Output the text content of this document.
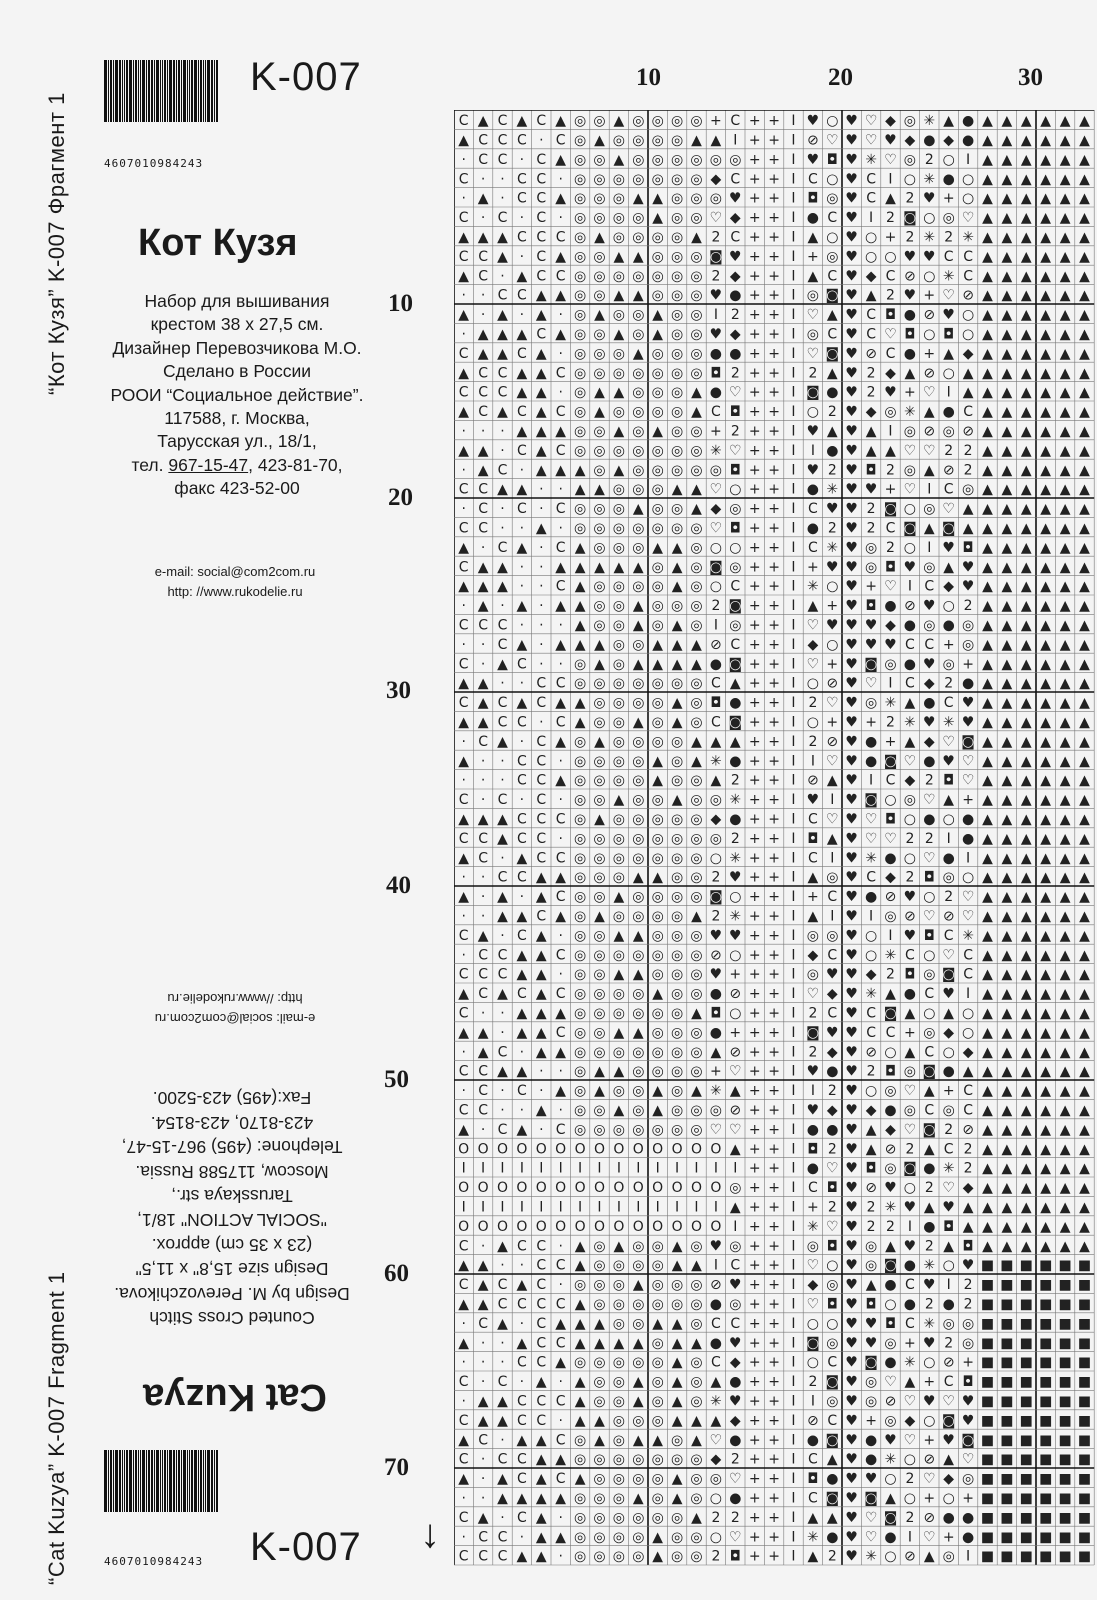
“Кот Кузя” K-007 Фрагмент 1
“Cat Kuzya” K-007 Fragment 1
4607010984243
K-007
Кот Кузя
Набор для вышивания
крестом 38 х 27,5 см.
Дизайнер Перевозчикова М.О.
Сделано в России
РООИ “Социальное действие”.
117588, г. Москва,
Тарусская ул., 18/1,
тел. 967-15-47, 423-81-70,
факс 423-52-00
e-mail: social@com2com.ru
http: //www.rukodelie.ru
e-mail: social@com2com.ru
http: //www.rukodelie.ru
Counted Cross Stitch
Design by M. Perevozchikova.
Design size 15,8" x 11,5"
(23 x 35 cm) approx.
"SOCIAL ACTION" 18/1,
Tarusskaya str.,
Moscow, 117588 Russia.
Telephone: (495) 967-15-47,
423-8170, 423-8154.
Fax:(495) 423-5200.
Cat Kuzya
K-007
4607010984243
10	20	30
10
20
30
40
50
60
70
↓
C ▲ C ▲ C ▲ ◎ ◎ ▲ ◎ ◎ ◎ ◎ + C + + I ♥ ○ ♥ ♡ ◆ ◎ ✳ ▲ ● ▲ ▲ ▲ ▲ ▲ ▲
▲ C C C · C ◎ ▲ ◎ ◎ ◎ ◎ ▲ ▲ I + + I ⊘ ♡ ♥ ♡ ♥ ◆ ● ◆ ● ▲ ▲ ▲ ▲ ▲ ▲
· C C · C ▲ ◎ ◎ ▲ ◎ ◎ ◎ ◎ ◎ ◎ + + I ♥ ◘ ♥ ✳ ♡ ◎ 2 ○ I ▲ ▲ ▲ ▲ ▲ ▲
C · · C C · ◎ ◎ ◎ ◎ ◎ ◎ ◎ ◆ C + + I C ○ ♥ C I ○ ✳ ● ○ ▲ ▲ ▲ ▲ ▲ ▲
· ▲ · C C ▲ ◎ ◎ ◎ ▲ ▲ ◎ ◎ ◎ ♥ + + I ◘ ◎ ♥ C ▲ 2 ♥ + ○ ▲ ▲ ▲ ▲ ▲ ▲
C · C · C · ◎ ◎ ◎ ◎ ▲ ◎ ◎ ♡ ◆ + + I ● C ♥ I 2 ◙ ○ ◎ ♡ ▲ ▲ ▲ ▲ ▲ ▲
▲ ▲ ▲ C C C ◎ ▲ ◎ ◎ ◎ ◎ ▲ 2 C + + I ▲ ○ ♥ ○ + 2 ✳ 2 ✳ ▲ ▲ ▲ ▲ ▲ ▲
C C ▲ · C ▲ ◎ ◎ ▲ ▲ ◎ ◎ ◎ ◙ ♥ + + I + ◎ ♥ ○ ○ ♥ ♥ C C ▲ ▲ ▲ ▲ ▲ ▲
▲ C · ▲ C C ◎ ◎ ◎ ◎ ◎ ◎ ◎ 2 ◆ + + I ▲ C ♥ ◆ C ⊘ ○ ✳ C ▲ ▲ ▲ ▲ ▲ ▲
· · C C ▲ ▲ ◎ ◎ ▲ ▲ ◎ ◎ ◎ ♥ ● + + I ◎ ◙ ♥ ▲ 2 ♥ + ♡ ⊘ ▲ ▲ ▲ ▲ ▲ ▲
▲ · ▲ · ▲ · ◎ ▲ ◎ ◎ ▲ ◎ ◎ I 2 + + I ♡ ▲ ♥ C ◘ ● ⊘ ♥ ○ ▲ ▲ ▲ ▲ ▲ ▲
· ▲ ▲ ▲ C ▲ ◎ ◎ ▲ ◎ ▲ ◎ ◎ ♥ ◆ + + I ◎ C ♥ C ♡ ◘ ○ ◘ ○ ▲ ▲ ▲ ▲ ▲ ▲
C ▲ ▲ C ▲ · ◎ ◎ ◎ ▲ ◎ ◎ ◎ ● ● + + I ♡ ◙ ♥ ⊘ C ● + ▲ ◆ ▲ ▲ ▲ ▲ ▲ ▲
▲ C C ▲ ▲ C ◎ ◎ ◎ ◎ ◎ ◎ ◎ ◘ 2 + + I 2 ▲ ♥ 2 ◆ ▲ ⊘ ○ ▲ ▲ ▲ ▲ ▲ ▲ ▲
C C C ▲ ▲ · ◎ ▲ ▲ ◎ ◎ ◎ ▲ ● ♡ + + I ◙ ● ♥ 2 ♥ + ♡ I ▲ ▲ ▲ ▲ ▲ ▲ ▲
▲ C ▲ C ▲ C ◎ ▲ ◎ ◎ ◎ ◎ ▲ C ◘ + + I ○ 2 ♥ ◆ ◎ ✳ ▲ ● C ▲ ▲ ▲ ▲ ▲ ▲
· · · ▲ ▲ ▲ ◎ ◎ ▲ ◎ ▲ ◎ ◎ + 2 + + I ♥ ▲ ♥ ▲ I ◎ ⊘ ◎ ⊘ ▲ ▲ ▲ ▲ ▲ ▲
▲ ▲ · C ▲ C ◎ ◎ ◎ ◎ ◎ ◎ ◎ ✳ ♡ + + I I ● ♥ ▲ ▲ ♡ ♡ 2 2 ▲ ▲ ▲ ▲ ▲ ▲
· ▲ C · ▲ ▲ ▲ ◎ ▲ ◎ ◎ ◎ ◎ ◎ ◘ + + I ♥ 2 ♥ ◘ 2 ◎ ▲ ⊘ 2 ▲ ▲ ▲ ▲ ▲ ▲
C C ▲ ▲ · · ▲ ▲ ◎ ◎ ◎ ▲ ▲ ♡ ○ + + I ● ✳ ♥ ♥ + ♡ I C ◎ ▲ ▲ ▲ ▲ ▲ ▲
· C · C · C ◎ ◎ ◎ ▲ ◎ ◎ ▲ ◆ ◎ + + I C ♥ ♥ 2 ◙ ○ ◎ ♡ ▲ ▲ ▲ ▲ ▲ ▲ ▲
C C · · ▲ · ◎ ◎ ◎ ◎ ◎ ◎ ◎ ♡ ◘ + + I ● 2 ♥ 2 C ◙ ▲ ◙ ▲ ▲ ▲ ▲ ▲ ▲ ▲
▲ · C ▲ · C ▲ ◎ ◎ ◎ ▲ ▲ ◎ ○ ○ + + I C ✳ ♥ ◎ 2 ○ I ♥ ◘ ▲ ▲ ▲ ▲ ▲ ▲
C ▲ ▲ · · ▲ ▲ ▲ ▲ ▲ ◎ ▲ ◎ ◙ ◎ + + I + ♥ ♥ ◎ ◘ ♥ ◎ ▲ ♥ ▲ ▲ ▲ ▲ ▲ ▲
▲ ▲ ▲ · · C ▲ ◎ ◎ ◎ ◎ ▲ ◎ ○ C + + I ✳ ○ ♥ + ♡ I C ◆ ♥ ▲ ▲ ▲ ▲ ▲ ▲
· ▲ · ▲ · ▲ ▲ ◎ ◎ ▲ ◎ ◎ ◎ 2 ◙ + + I ▲ + ♥ ◘ ● ⊘ ♥ ○ 2 ▲ ▲ ▲ ▲ ▲ ▲
C C C · · · ▲ ◎ ◎ ▲ ◎ ▲ ◎ I ◎ + + I ♡ ♥ ♥ ♥ ◆ ● ◎ ● ◎ ▲ ▲ ▲ ▲ ▲ ▲
· · C ▲ · ▲ ▲ ▲ ◎ ◎ ▲ ▲ ▲ ⊘ C + + I ◆ ○ ♥ ♥ ♥ C C + ◎ ▲ ▲ ▲ ▲ ▲ ▲
C · ▲ C · · ◎ ▲ ◎ ▲ ▲ ▲ ▲ ● ◙ + + I ♡ + ♥ ◙ ◎ ● ♥ ◎ + ▲ ▲ ▲ ▲ ▲ ▲
▲ ▲ · · C C ◎ ◎ ◎ ◎ ◎ ◎ ◎ C ▲ + + I ○ ⊘ ♥ ♡ I C ◆ 2 ● ▲ ▲ ▲ ▲ ▲ ▲
C ▲ C ▲ C ▲ ▲ ◎ ◎ ◎ ◎ ▲ ◎ ◘ ● + + I 2 ♡ ♥ ◎ ✳ ▲ ● C ♥ ▲ ▲ ▲ ▲ ▲ ▲
▲ ▲ C C · C ▲ ◎ ◎ ▲ ◎ ▲ ◎ C ◙ + + I ○ + ♥ + 2 ✳ ♥ ✳ ♥ ▲ ▲ ▲ ▲ ▲ ▲
· C ▲ · C ▲ ◎ ▲ ◎ ◎ ◎ ◎ ▲ ▲ ▲ + + I 2 ⊘ ♥ ● + ▲ ◆ ♡ ◙ ▲ ▲ ▲ ▲ ▲ ▲
▲ · · C C · ◎ ◎ ◎ ◎ ▲ ◎ ▲ ✳ ● + + I I ♡ ♥ ● ◙ ♡ ● ♥ ♡ ▲ ▲ ▲ ▲ ▲ ▲
· · · C C ▲ ◎ ◎ ◎ ◎ ▲ ◎ ◎ ▲ 2 + + I ⊘ ▲ ♥ I C ◆ 2 ◘ ♡ ▲ ▲ ▲ ▲ ▲ ▲
C · C · C · ◎ ◎ ▲ ◎ ◎ ▲ ◎ ◎ ✳ + + I ♥ I ♥ ◙ ○ ◎ ♡ ▲ + ▲ ▲ ▲ ▲ ▲ ▲
▲ ▲ ▲ C C C ◎ ▲ ◎ ◎ ◎ ◎ ◎ ◆ ● + + I C ♡ ♥ ♡ ◘ ○ ● ○ ● ▲ ▲ ▲ ▲ ▲ ▲
C C ▲ C C · ◎ ◎ ◎ ◎ ◎ ◎ ◎ ◎ 2 + + I ◘ ▲ ♥ ♡ ♡ 2 2 I ● ▲ ▲ ▲ ▲ ▲ ▲
▲ C · ▲ C C ◎ ◎ ◎ ◎ ◎ ◎ ◎ ○ ✳ + + I C I ♥ ✳ ● ○ ♡ ● I ▲ ▲ ▲ ▲ ▲ ▲
· · C C ▲ ▲ ◎ ◎ ◎ ▲ ▲ ◎ ◎ 2 ♥ + + I ▲ ◎ ♥ C ◆ 2 ◘ ◎ ○ ▲ ▲ ▲ ▲ ▲ ▲
▲ · ▲ · ▲ C ◎ ◎ ▲ ◎ ◎ ◎ ◎ ◙ ○ + + I + C ♥ ● ⊘ ♥ ○ 2 ♡ ▲ ▲ ▲ ▲ ▲ ▲
· · ▲ ▲ C ▲ ◎ ▲ ◎ ◎ ◎ ◎ ▲ 2 ✳ + + I ▲ I ♥ I ◎ ⊘ ♡ ⊘ ♡ ▲ ▲ ▲ ▲ ▲ ▲
C ▲ · C ▲ · ◎ ◎ ▲ ▲ ◎ ◎ ◎ ♥ ♥ + + I ◎ ◎ ♥ ○ I ♥ ◘ C ✳ ▲ ▲ ▲ ▲ ▲ ▲
· C C ▲ ▲ C ◎ ◎ ◎ ◎ ◎ ◎ ◎ ⊘ ○ + + I ◆ C ♥ ○ ✳ C ○ ♡ C ▲ ▲ ▲ ▲ ▲ ▲
C C C ▲ ▲ · ◎ ◎ ▲ ▲ ◎ ◎ ◎ ♥ + + + I ◎ ♥ ♥ ◆ 2 ◘ ◎ ◙ C ▲ ▲ ▲ ▲ ▲ ▲
▲ C ▲ C ▲ C ◎ ◎ ◎ ◎ ▲ ◎ ◎ ● ⊘ + + I ♡ ◆ ♥ ✳ ▲ ● C ♥ I ▲ ▲ ▲ ▲ ▲ ▲
C · · ▲ ▲ ▲ ◎ ◎ ◎ ◎ ◎ ◎ ▲ ◘ ○ + + I 2 C ♥ C ◙ ▲ ○ ▲ ○ ▲ ▲ ▲ ▲ ▲ ▲
▲ ▲ · ▲ ▲ C ◎ ◎ ▲ ▲ ◎ ◎ ◎ ● + + + I ◙ ♥ ♥ C C + ◎ ◆ ○ ▲ ▲ ▲ ▲ ▲ ▲
· ▲ C · ▲ ▲ ◎ ◎ ◎ ◎ ◎ ◎ ◎ ▲ ⊘ + + I 2 ◆ ♥ ⊘ ○ ▲ C ○ ◆ ▲ ▲ ▲ ▲ ▲ ▲
C C ▲ ▲ · · ◎ ▲ ▲ ◎ ◎ ◎ ◎ + ♡ + + I ♥ ● ♥ 2 ◘ ◎ ◙ ● ▲ ▲ ▲ ▲ ▲ ▲ ▲
· C · C · ▲ ◎ ▲ ◎ ◎ ▲ ◎ ▲ ✳ ▲ + + I I 2 ♥ ○ ◎ ♡ ▲ + C ▲ ▲ ▲ ▲ ▲ ▲
C C · · ▲ · ◎ ◎ ▲ ◎ ▲ ◎ ◎ ◎ ⊘ + + I ♥ ◆ ♥ ◆ ● ◎ C ◎ C ▲ ▲ ▲ ▲ ▲ ▲
▲ · C ▲ · C ◎ ◎ ◎ ◎ ◎ ◎ ◎ ♡ ♡ + + I ● ● ♥ ▲ ◆ ♡ ◙ 2 ⊘ ▲ ▲ ▲ ▲ ▲ ▲
O O O O O O O O O O O O O O ▲ + + I ◘ 2 ♥ ▲ ⊘ 2 ▲ C 2 ▲ ▲ ▲ ▲ ▲ ▲
I I I I I I I I I I I I I I I + + I ● ♡ ♥ ◘ ◎ ◙ ● ✳ 2 ▲ ▲ ▲ ▲ ▲ ▲
O O O O O O O O O O O O O O ◎ + + I C ◘ ♥ ⊘ ♥ ○ 2 ♡ ◆ ▲ ▲ ▲ ▲ ▲ ▲
I I I I I I I I I I I I I I ▲ + + I + 2 ♥ 2 ✳ ♥ ▲ ♥ ▲ ▲ ▲ ▲ ▲ ▲ ▲
O O O O O O O O O O O O O O I + + I ✳ ♡ ♥ 2 2 I ● ◘ ▲ ▲ ▲ ▲ ▲ ▲ ▲
C · ▲ C C · ▲ ◎ ▲ ◎ ◎ ▲ ◎ ♥ ◎ + + I ◎ ◘ ♥ ◎ ▲ ♥ 2 ▲ ◘ ▲ ▲ ▲ ▲ ▲ ▲
▲ ▲ · · C C ▲ ◎ ◎ ◎ ◎ ▲ ▲ I C + + I ♡ ○ ♥ ◎ ◙ ● ✳ ○ ♥ ■ ■ ■ ■ ■ ■
C ▲ C ▲ C · ◎ ◎ ◎ ▲ ◎ ◎ ◎ ⊘ ♥ + + I ◆ ◎ ♥ ▲ ● C ♥ I 2 ■ ■ ■ ■ ■ ■
▲ ▲ C C C C ▲ ◎ ◎ ◎ ◎ ◎ ◎ ● ◎ + + I ♡ ◘ ♥ ◘ ○ ● 2 ● 2 ■ ■ ■ ■ ■ ■
· C ▲ · C ▲ ▲ ▲ ◎ ◎ ▲ ▲ ◎ C C + + I ○ ○ ♥ ♥ ◘ C ✳ ◎ ◎ ■ ■ ■ ■ ■ ■
▲ · · ▲ C C ▲ ▲ ▲ ▲ ◎ ▲ ▲ ● ♥ + + I ◙ ◎ ♥ ♥ ◎ + ♥ 2 ◎ ■ ■ ■ ■ ■ ■
· · · C C ▲ ◎ ◎ ◎ ◎ ◎ ▲ ◎ C ◆ + + I ○ C ♥ ◙ ● ✳ ○ ⊘ + ■ ■ ■ ■ ■ ■
C · C · ▲ · ▲ ◎ ◎ ▲ ◎ ▲ ◎ ▲ ● + + I 2 ◙ ♥ ◎ ♡ ▲ + C ◘ ■ ■ ■ ■ ■ ■
· ▲ ▲ C C C ▲ ◎ ◎ ▲ ◎ ▲ ◎ ✳ ♥ + + I I ◎ ♥ ◎ ⊘ ♡ ♥ ♡ ♥ ■ ■ ■ ■ ■ ■
C ▲ ▲ C C · ▲ ▲ ◎ ◎ ◎ ▲ ▲ ▲ ◆ + + I ⊘ C ♥ + ◎ ◆ ○ ◙ ♥ ■ ■ ■ ■ ■ ■
▲ C · ▲ ▲ C ◎ ▲ ◎ ▲ ▲ ◎ ▲ ♡ ● + + I ● ◙ ♥ ● ♥ ♡ + ♥ ◙ ■ ■ ■ ■ ■ ■
C · C C ▲ ▲ ◎ ◎ ◎ ◎ ◎ ◎ ◎ ◆ 2 + + I C ▲ ♥ ● ✳ ○ ⊘ ▲ ♡ ■ ■ ■ ■ ■ ■
▲ · ▲ C ▲ C ▲ ◎ ◎ ◎ ◎ ▲ ◎ ◎ ♡ + + I ◘ ● ♥ ♥ ○ 2 ♡ ◆ ◎ ■ ■ ■ ■ ■ ■
· · ▲ ▲ ▲ ▲ ◎ ◎ ◎ ▲ ◎ ▲ ◎ ○ ● + + I C ◙ ♥ ◙ ▲ ○ + ○ + ■ ■ ■ ■ ■ ■
C ▲ · C ▲ · ◎ ◎ ◎ ◎ ◎ ◎ ▲ 2 2 + + I ▲ ▲ ♥ ♡ ◙ 2 ⊘ ● ● ■ ■ ■ ■ ■ ■
· C C · ▲ ▲ ◎ ◎ ◎ ◎ ▲ ◎ ◎ ○ ♡ + + I ✳ ● ♥ ♡ ● I ♡ + ● ■ ■ ■ ■ ■ ■
C C C ▲ ▲ · ◎ ◎ ◎ ◎ ▲ ◎ ◎ 2 ◘ + + I ▲ 2 ♥ ✳ ○ ⊘ ▲ ◎ I ■ ■ ■ ■ ■ ■
